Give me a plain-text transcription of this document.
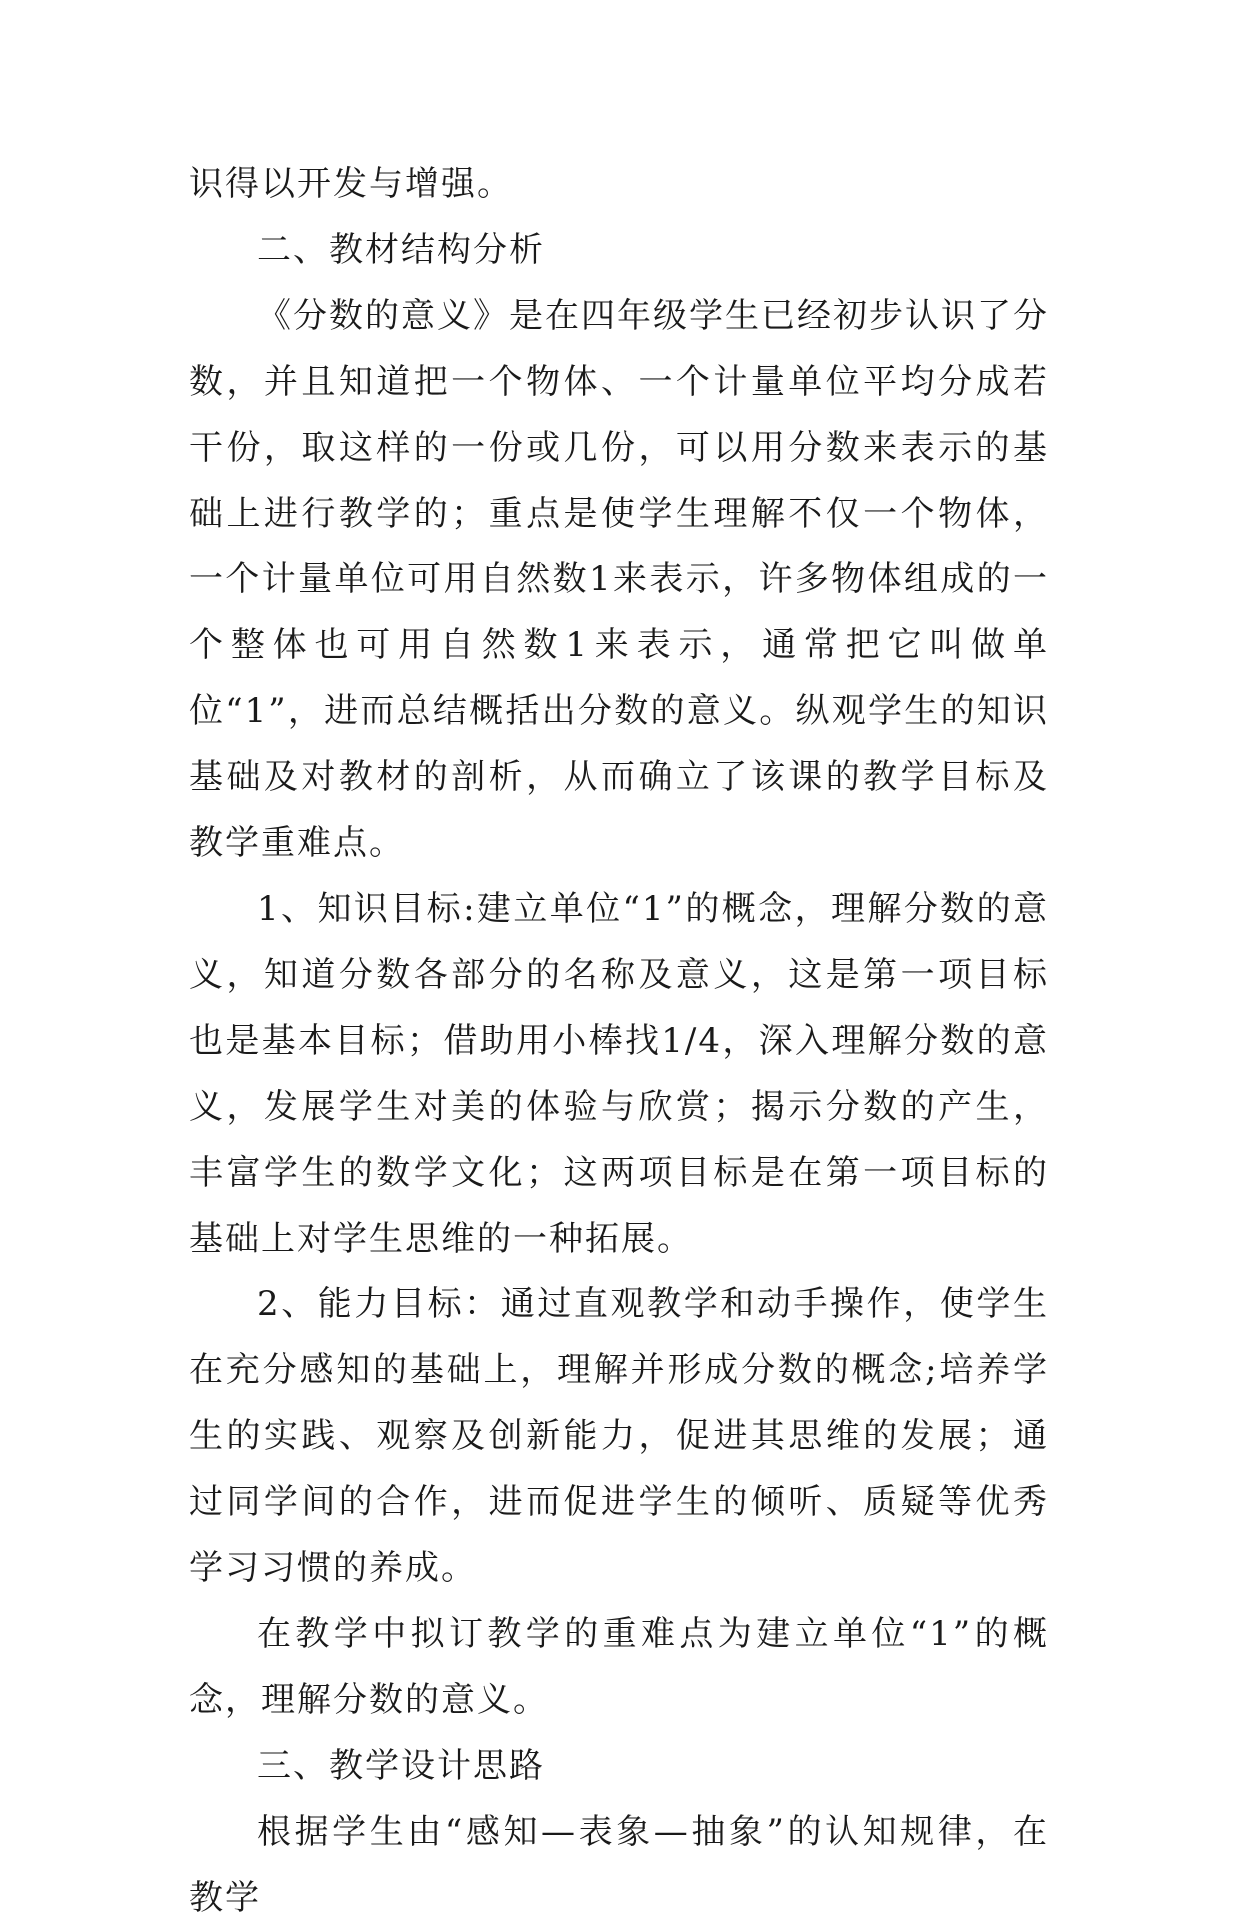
识得以开发与增强。

二、教材结构分析

《分数的意义》是在四年级学生已经初步认识了分数，并且知道把一个物体、一个计量单位平均分成若干份，取这样的一份或几份，可以用分数来表示的基础上进行教学的；重点是使学生理解不仅一个物体，一个计量单位可用自然数1来表示，许多物体组成的一个整体也可用自然数1来表示，通常把它叫做单位“1”，进而总结概括出分数的意义。纵观学生的知识基础及对教材的剖析，从而确立了该课的教学目标及教学重难点。

1、知识目标:建立单位“1”的概念，理解分数的意义，知道分数各部分的名称及意义，这是第一项目标也是基本目标；借助用小棒找1/4，深入理解分数的意义，发展学生对美的体验与欣赏；揭示分数的产生，丰富学生的数学文化；这两项目标是在第一项目标的基础上对学生思维的一种拓展。

2、能力目标：通过直观教学和动手操作，使学生在充分感知的基础上，理解并形成分数的概念;培养学生的实践、观察及创新能力，促进其思维的发展；通过同学间的合作，进而促进学生的倾听、质疑等优秀学习习惯的养成。

在教学中拟订教学的重难点为建立单位“1”的概念，理解分数的意义。

三、教学设计思路

根据学生由“感知—表象—抽象”的认知规律，在教学
